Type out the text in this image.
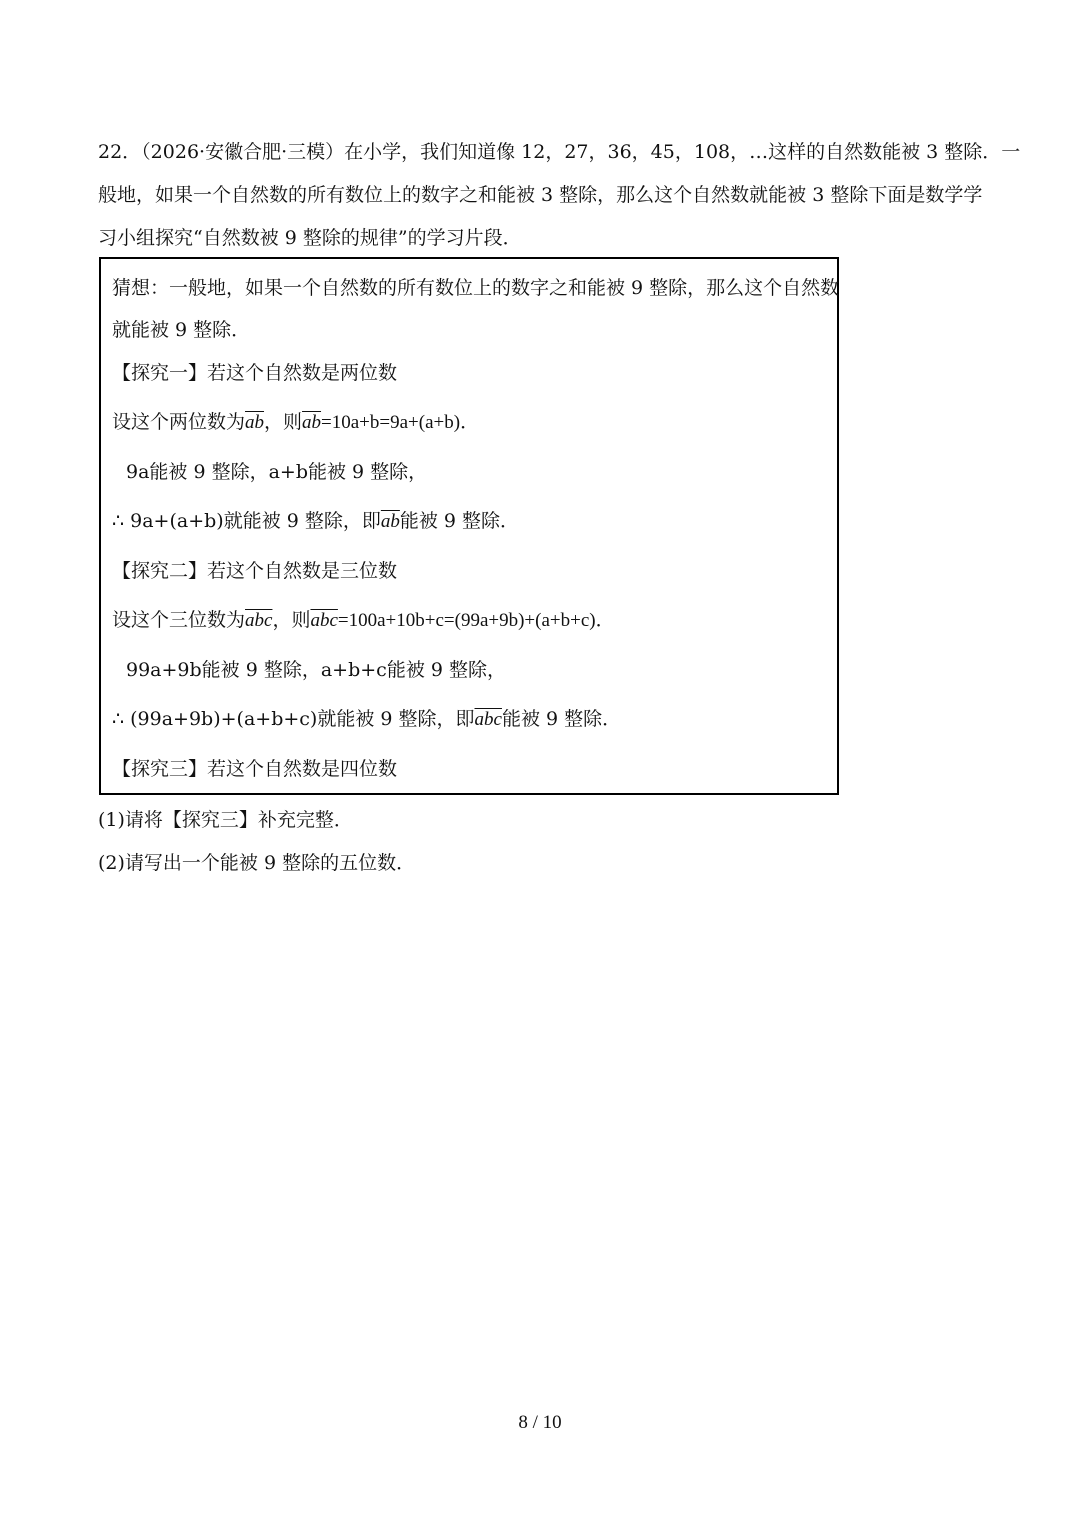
22．（2026·安徽合肥·三模）在小学，我们知道像 12，27，36，45，108，…这样的自然数能被 3 整除．一
般地，如果一个自然数的所有数位上的数字之和能被 3 整除，那么这个自然数就能被 3 整除下面是数学学
习小组探究“自然数被 9 整除的规律”的学习片段．
猜想：一般地，如果一个自然数的所有数位上的数字之和能被 9 整除，那么这个自然数
就能被 9 整除．
【探究一】若这个自然数是两位数
设这个两位数为$\overline{ab}$，则$\overline{ab}=10a+b=9a+(a+b)$．
9a能被 9 整除，a+b能被 9 整除，
∴ 9a+(a+b)就能被 9 整除，即$\overline{ab}$能被 9 整除．
【探究二】若这个自然数是三位数
设这个三位数为$\overline{abc}$，则$\overline{abc}=100a+10b+c=(99a+9b)+(a+b+c)$．
99a+9b能被 9 整除，a+b+c能被 9 整除，
∴ (99a+9b)+(a+b+c)就能被 9 整除，即$\overline{abc}$能被 9 整除．
【探究三】若这个自然数是四位数
(1)请将【探究三】补充完整．
(2)请写出一个能被 9 整除的五位数．
8 / 10
